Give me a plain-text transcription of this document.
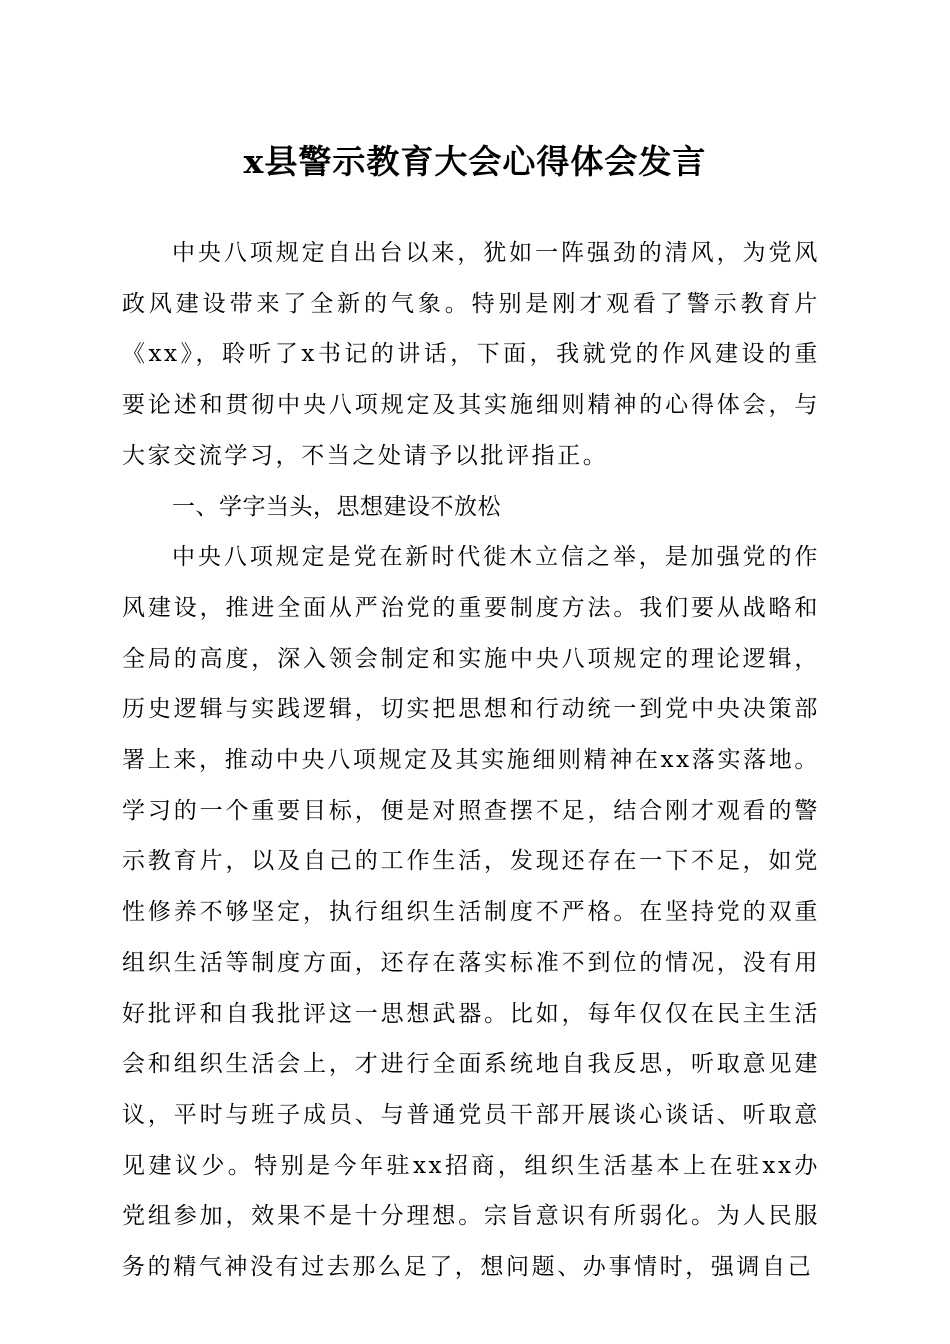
x县警示教育大会心得体会发言

中央八项规定自出台以来，犹如一阵强劲的清风，为党风政风建设带来了全新的气象。特别是刚才观看了警示教育片《xx》，聆听了x书记的讲话，下面，我就党的作风建设的重要论述和贯彻中央八项规定及其实施细则精神的心得体会，与大家交流学习，不当之处请予以批评指正。

一、学字当头，思想建设不放松

中央八项规定是党在新时代徙木立信之举，是加强党的作风建设，推进全面从严治党的重要制度方法。我们要从战略和全局的高度，深入领会制定和实施中央八项规定的理论逻辑，历史逻辑与实践逻辑，切实把思想和行动统一到党中央决策部署上来，推动中央八项规定及其实施细则精神在xx落实落地。学习的一个重要目标，便是对照查摆不足，结合刚才观看的警示教育片，以及自己的工作生活，发现还存在一下不足，如党性修养不够坚定，执行组织生活制度不严格。在坚持党的双重组织生活等制度方面，还存在落实标准不到位的情况，没有用好批评和自我批评这一思想武器。比如，每年仅仅在民主生活会和组织生活会上，才进行全面系统地自我反思，听取意见建议，平时与班子成员、与普通党员干部开展谈心谈话、听取意见建议少。特别是今年驻xx招商，组织生活基本上在驻xx办党组参加，效果不是十分理想。宗旨意识有所弱化。为人民服务的精气神没有过去那么足了，想问题、办事情时，强调自己
